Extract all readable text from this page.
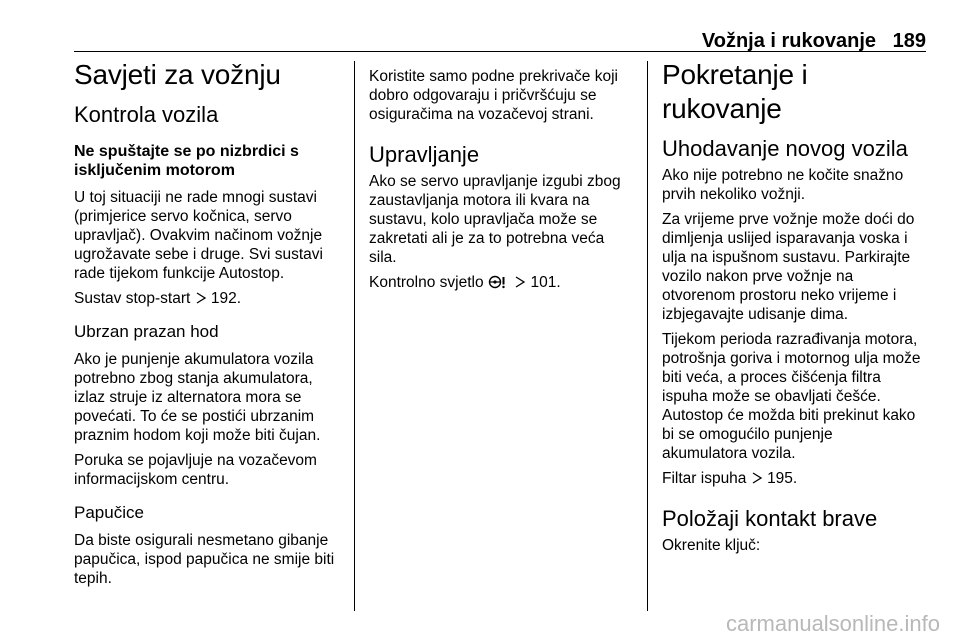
Vožnja i rukovanje 189
Savjeti za vožnju
Kontrola vozila
Ne spuštajte se po nizbrdici s
isključenim motorom

U toj situaciji ne rade mnogi sustavi
(primjerice servo kočnica, servo
upravljač). Ovakvim načinom vožnje
ugrožavate sebe i druge. Svi sustavi
rade tijekom funkcije Autostop.

Sustav stop-start 192.

Ubrzan prazan hod

Ako je punjenje akumulatora vozila
potrebno zbog stanja akumulatora,
izlaz struje iz alternatora mora se
povećati. To će se postići ubrzanim
praznim hodom koji može biti čujan.

Poruka se pojavljuje na vozačevom
informacijskom centru.

Papučice

Da biste osigurali nesmetano gibanje
papučica, ispod papučica ne smije biti
tepih.

Koristite samo podne prekrivače koji
dobro odgovaraju i pričvršćuju se
osiguračima na vozačevoj strani.

Upravljanje

Ako se servo upravljanje izgubi zbog
zaustavljanja motora ili kvara na
sustavu, kolo upravljača može se
zakretati ali je za to potrebna veća
sila.

Kontrolno svjetlo	101.

Pokretanje i rukovanje
Uhodavanje novog vozila

Ako nije potrebno ne kočite snažno
prvih nekoliko vožnji.

Za vrijeme prve vožnje može doći do
dimljenja uslijed isparavanja voska i
ulja na ispušnom sustavu. Parkirajte
vozilo nakon prve vožnje na
otvorenom prostoru neko vrijeme i
izbjegavajte udisanje dima.

Tijekom perioda razrađivanja motora,
potrošnja goriva i motornog ulja može
biti veća, a proces čišćenja filtra
ispuha može se obavljati češće.
Autostop će možda biti prekinut kako
bi se omogućilo punjenje
akumulatora vozila.

Filtar ispuha 195.

Položaji kontakt brave

Okrenite ključ:

carmanualsonline.info
